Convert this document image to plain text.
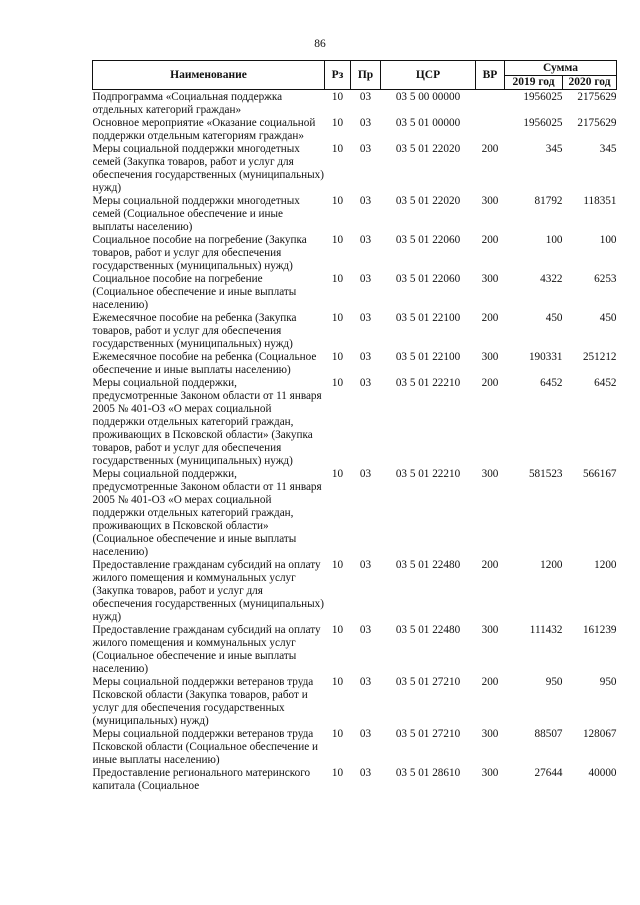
86
Наименование	Рз	Пр	ЦСР	ВР	Сумма	
					2019 год	2020 год
Подпрограмма «Социальная поддержка отдельных категорий граждан»	10	03	03 5 00 00000		1956025	2175629
Основное мероприятие «Оказание социальной поддержки отдельным категориям граждан»	10	03	03 5 01 00000		1956025	2175629
Меры социальной поддержки многодетных семей (Закупка товаров, работ и услуг для обеспечения государственных (муниципальных) нужд)	10	03	03 5 01 22020	200	345	345
Меры социальной поддержки многодетных семей (Социальное обеспечение и иные выплаты населению)	10	03	03 5 01 22020	300	81792	118351
Социальное пособие на погребение (Закупка товаров, работ и услуг для обеспечения государственных (муниципальных) нужд)	10	03	03 5 01 22060	200	100	100
Социальное пособие на погребение (Социальное обеспечение и иные выплаты населению)	10	03	03 5 01 22060	300	4322	6253
Ежемесячное пособие на ребенка (Закупка товаров, работ и услуг для обеспечения государственных (муниципальных) нужд)	10	03	03 5 01 22100	200	450	450
Ежемесячное пособие на ребенка (Социальное обеспечение и иные выплаты населению)	10	03	03 5 01 22100	300	190331	251212
Меры социальной поддержки, предусмотренные Законом области от 11 января 2005 № 401-ОЗ «О мерах социальной поддержки отдельных категорий граждан, проживающих в Псковской области» (Закупка товаров, работ и услуг для обеспечения государственных (муниципальных) нужд)	10	03	03 5 01 22210	200	6452	6452
Меры социальной поддержки, предусмотренные Законом области от 11 января 2005 № 401-ОЗ «О мерах социальной поддержки отдельных категорий граждан, проживающих в Псковской области» (Социальное обеспечение и иные выплаты населению)	10	03	03 5 01 22210	300	581523	566167
Предоставление гражданам субсидий на оплату жилого помещения и коммунальных услуг (Закупка товаров, работ и услуг для обеспечения государственных (муниципальных) нужд)	10	03	03 5 01 22480	200	1200	1200
Предоставление гражданам субсидий на оплату жилого помещения и коммунальных услуг (Социальное обеспечение и иные выплаты населению)	10	03	03 5 01 22480	300	111432	161239
Меры социальной поддержки ветеранов труда Псковской области (Закупка товаров, работ и услуг для обеспечения государственных (муниципальных) нужд)	10	03	03 5 01 27210	200	950	950
Меры социальной поддержки ветеранов труда Псковской области (Социальное обеспечение и иные выплаты населению)	10	03	03 5 01 27210	300	88507	128067
Предоставление регионального материнского капитала (Социальное	10	03	03 5 01 28610	300	27644	40000
